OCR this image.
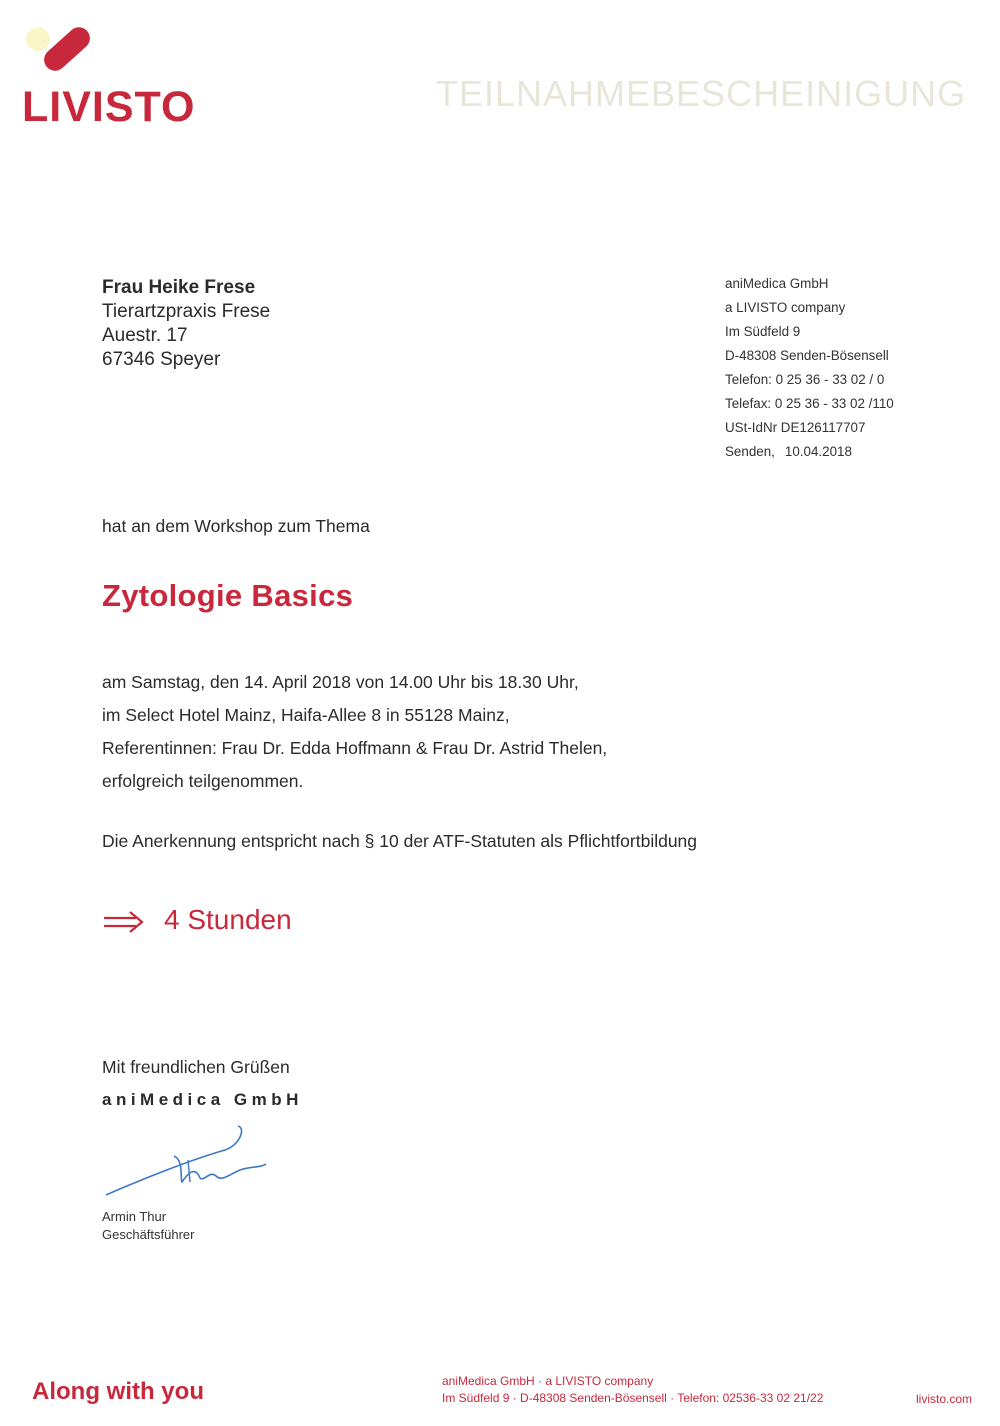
LIVISTO	TEILNAHMEBESCHEINIGUNG
Frau Heike Frese
Tierartzpraxis Frese
Auestr. 17
67346 Speyer
aniMedica GmbH
a LIVISTO company
Im Südfeld 9
D-48308 Senden-Bösensell
Telefon: 0 25 36 - 33 02 / 0
Telefax: 0 25 36 - 33 02 /110
USt-IdNr DE126117707
Senden, 10.04.2018
hat an dem Workshop zum Thema
Zytologie Basics
am Samstag, den 14. April 2018 von 14.00 Uhr bis 18.30 Uhr,
im Select Hotel Mainz, Haifa-Allee 8 in 55128 Mainz,
Referentinnen: Frau Dr. Edda Hoffmann & Frau Dr. Astrid Thelen,
erfolgreich teilgenommen.
Die Anerkennung entspricht nach § 10 der ATF-Statuten als Pflichtfortbildung
4 Stunden
Mit freundlichen Grüßen
aniMedica GmbH
Armin Thur
Geschäftsführer
Along with you	aniMedica GmbH · a LIVISTO company
Im Südfeld 9 · D-48308 Senden-Bösensell · Telefon: 02536-33 02 21/22	livisto.com
